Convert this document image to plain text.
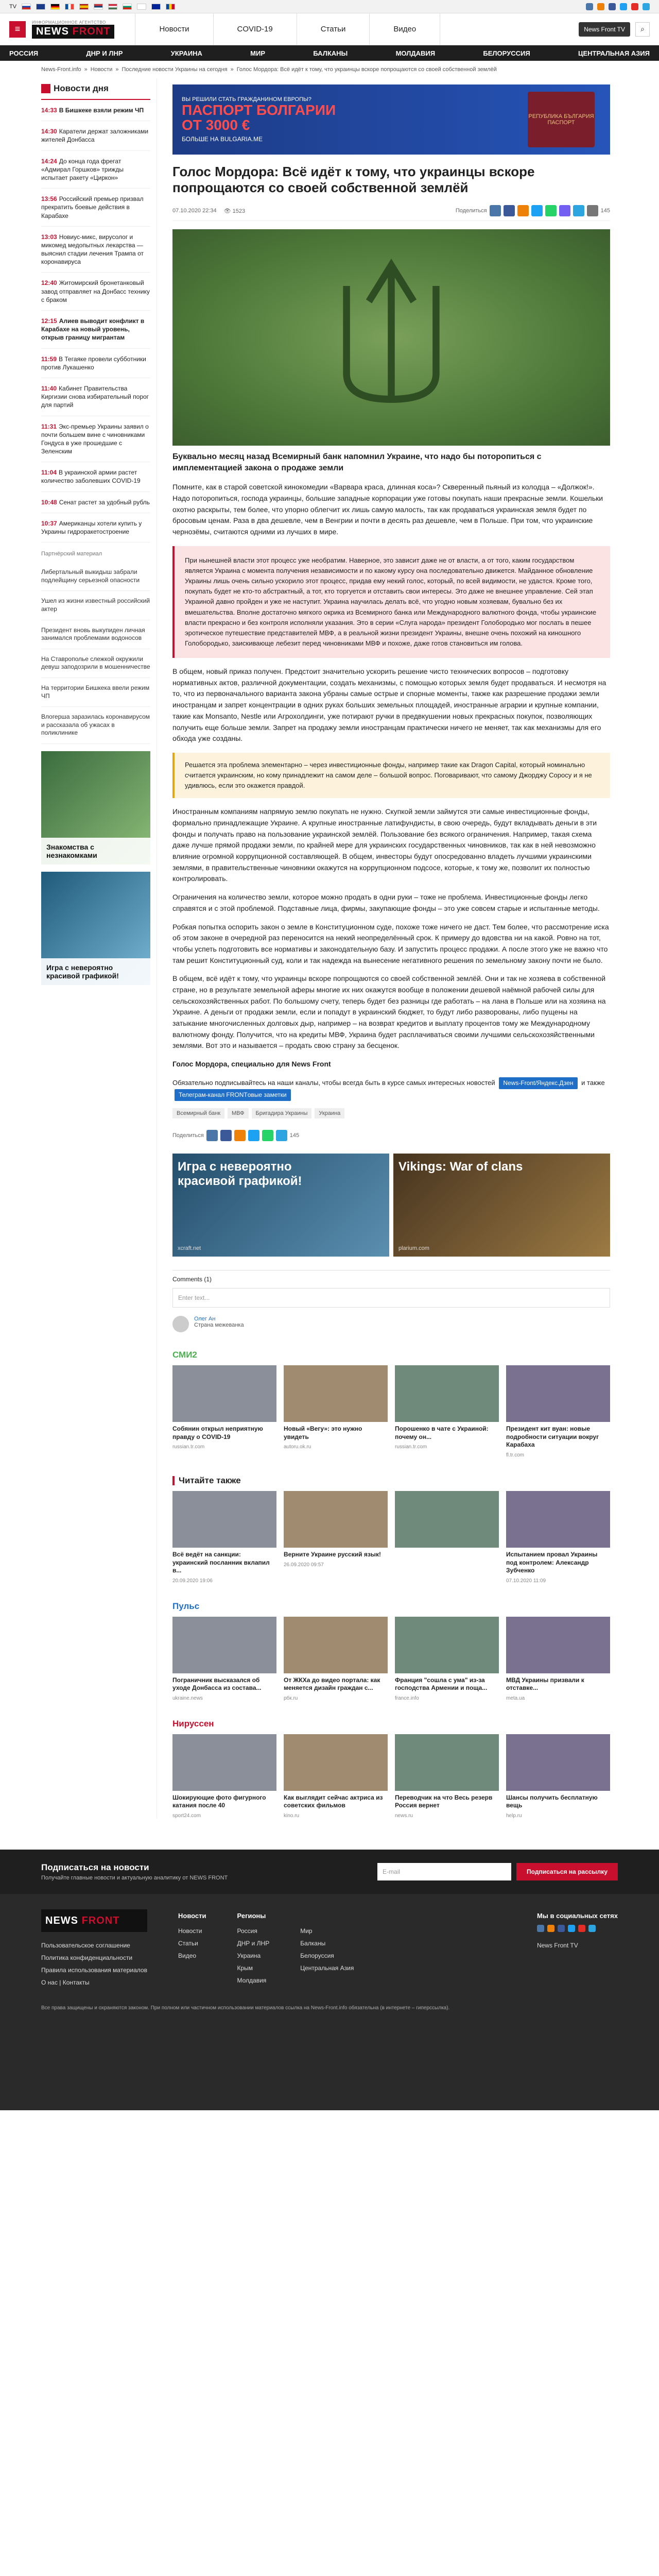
TV
≡
ИНФОРМАЦИОННОЕ АГЕНТСТВО
NEWS FRONT	Новости	COVID-19	Статьи	Видео	News Front TV	⌕
РОССИЯ	ДНР И ЛНР	УКРАИНА	МИР	БАЛКАНЫ	МОЛДАВИЯ	БЕЛОРУССИЯ	ЦЕНТРАЛЬНАЯ АЗИЯ
News-Front.info » Новости » Последние новости Украины на сегодня » Голос Мордора: Всё идёт к тому, что украинцы вскоре попрощаются со своей собственной землёй
Новости дня
14:33 В Бишкеке взяли режим ЧП
14:30 Каратели держат заложниками жителей Донбасса
14:24 До конца года фрегат «Адмирал Горшков» трижды испытает ракету «Циркон»
13:56 Российский премьер призвал прекратить боевые действия в Карабахе
13:03 Новиус-микс, вирусолог и микомед медопытных лекарства — выяснил стадии лечения Трампа от коронавируса
12:40 Житомирский бронетанковый завод отправляет на Донбасс технику с браком
12:15 Алиев выводит конфликт в Карабахе на новый уровень, открыв границу мигрантам
11:59 В Тегаяке провели субботники против Лукашенко
11:40 Кабинет Правительства Киргизии снова избирательный порог для партий
11:31 Экс-премьер Украины заявил о почти большем вине с чиновниками Гондуса в уже прошедшие с Зеленским
11:04 В украинской армии растет количество заболевших COVID-19
10:48 Сенат растет за удобный рубль
10:37 Американцы хотели купить у Украины гидроракетостроение
Партнёрский материал
Либертальный выкидыш забрали подлейщину серьезной опасности
Ушел из жизни известный российский актер
Президент вновь выкупиден личная занимался проблемами водоносов
На Ставрополье слежкой окружили девуш заподозрили в мошенничестве
На территории Бишкека ввели режим ЧП
Влогерша заразилась коронавирусом и рассказала об ужасах в поликлинике
Знакомства с незнакомками
Игра с невероятно красивой графикой!
ВЫ РЕШИЛИ СТАТЬ ГРАЖДАНИНОМ ЕВРОПЫ?
ПАСПОРТ БОЛГАРИИ
ОТ 3000 €
БОЛЬШЕ НА BULGARIA.ME
РЕПУБЛИКА БЪЛГАРИЯ ПАСПОРТ
Голос Мордора: Всё идёт к тому, что украинцы вскоре попрощаются со своей собственной землёй
07.10.2020 22:34 👁 1523	Поделиться	145
Буквально месяц назад Всемирный банк напомнил Украине, что надо бы поторопиться с имплементацией закона о продаже земли

Помните, как в старой советской кинокомедии «Варвара краса, длинная коса»? Скверенный пьяный из колодца – «Должок!». Надо поторопиться, господа украинцы, большие западные корпорации уже готовы покупать наши прекрасные земли. Кошельки охотно раскрыты, тем более, что упорно облегчит их лишь самую малость, так как продаваться украинская земля будет по бросовым ценам. Раза в два дешевле, чем в Венгрии и почти в десять раз дешевле, чем в Польше. При том, что украинские чернозёмы, считаются одними из лучших в мире.

При нынешней власти этот процесс уже необратим. Наверное, это зависит даже не от власти, а от того, каким государством является Украина с момента получения независимости и по какому курсу она последовательно движется. Майданное обновление Украины лишь очень сильно ускорило этот процесс, придав ему некий голос, который, по всей видимости, не удастся. Кроме того, покупать будет не кто-то абстрактный, а тот, кто торгуется и отставить свои интересы. Это даже не внешнее управление. Сей этап Украиной давно пройден и уже не наступит. Украина научилась делать всё, что угодно новым хозяевам, бувально без их вмешательства. Вполне достаточно мягкого окрика из Всемирного банка или Международного валютного фонда, чтобы украинские власти прекрасно и без контроля исполняли указания. Это в серии «Слуга народа» президент Голобородько мог послать в пешее эротическое путешествие представителей МВФ, а в реальной жизни президент Украины, внешне очень похожий на киношного Голобородько, заискивающе лебезит перед чиновниками МВФ и похоже, даже готов становиться им голова.

В общем, новый приказ получен. Предстоит значительно ускорить решение чисто технических вопросов – подготовку нормативных актов, различной документации, создать механизмы, с помощью которых земля будет продаваться. И несмотря на то, что из первоначального варианта закона убраны самые острые и спорные моменты, также как разрешение продажи земли иностранцам и запрет концентрации в одних руках больших земельных площадей, иностранные аграрии и крупные компании, такие как Monsanto, Nestle или Агрохолдинги, уже потирают ручки в предвкушении новых прекрасных покупок, позволяющих получить еще больше земли. Запрет на продажу земли иностранцам практически ничего не меняет, так как механизмы для его обхода уже созданы.

Решается эта проблема элементарно – через инвестиционные фонды, например такие как Dragon Capital, который номинально считается украинским, но кому принадлежит на самом деле – большой вопрос. Поговаривают, что самому Джорджу Соросу и я не удивлюсь, если это окажется правдой.

Иностранным компаниям напрямую землю покупать не нужно. Скупкой земли займутся эти самые инвестиционные фонды, формально принадлежащие Украине. А крупные иностранные латифундисты, в свою очередь, будут вкладывать деньги в эти фонды и получать право на пользование украинской землёй. Пользование без всякого ограничения. Например, такая схема даже лучше прямой продажи земли, по крайней мере для украинских государственных чиновников, так как в ней невозможно влияние огромной коррупционной составляющей. В общем, инвесторы будут опосредованно владеть лучшими украинскими землями, в правительственные чиновники окажутся на коррупционном подсосе, которые, к тому же, позволит их полностью контролировать.

Ограничения на количество земли, которое можно продать в одни руки – тоже не проблема. Инвестиционные фонды легко справятся и с этой проблемой. Подставные лица, фирмы, закупающие фонды – это уже совсем старые и испытанные методы.

Робкая попытка оспорить закон о земле в Конституционном суде, похоже тоже ничего не даст. Тем более, что рассмотрение иска об этом законе в очередной раз переносится на некий неопределённый срок. К примеру до вдовства ни на какой. Ровно на тот, чтобы успеть подготовить все нормативы и законодательную базу. И запустить процесс продажи. А после этого уже не важно что там решит Конституционный суд, коли и так надежда на вынесение негативного решения по земельному закону почти не было.

В общем, всё идёт к тому, что украинцы вскоре попрощаются со своей собственной землёй. Они и так не хозяева в собственной стране, но в результате земельной аферы многие их них окажутся вообще в положении дешевой наёмной рабочей силы для сельскохозяйственных работ. По большому счету, теперь будет без разницы где работать – на лана в Польше или на хозяина на Украине. А деньги от продажи земли, если и попадут в украинский бюджет, то будут либо разворованы, либо пущены на затыкание многочисленных долговых дыр, например – на возврат кредитов и выплату процентов тому же Международному валютному фонду. Получится, что на кредиты МВФ, Украина будет расплачиваться своими лучшими сельскохозяйственными землями. Вот это и называется – продать свою страну за бесценок.

Голос Мордора, специально для News Front

Обязательно подписывайтесь на наши каналы, чтобы всегда быть в курсе самых интересных новостей News-Front/Яндекс.Дзен и также Телеграм-канал FRONTовые заметки
Всемирный банк	МВФ	Бригадира Украины	Украина
Поделиться	145
Игра с невероятно красивой графикой!
xcraft.net
Vikings: War of clans
plarium.com
Comments (1)
Enter text...
Олег Ан
Страна межеванка
СМИ2
Собянин открыл неприятную правду о COVID-19
russian.tr.com
Новый «Вегу»: это нужно увидеть
autoru.ok.ru
Порошенко в чате с Украиной: почему он...
russian.tr.com
Президент кит вуан: новые подробности ситуации вокруг Карабаха
fl.tr.com
Читайте также
Всё ведёт на санкции: украинский посланник вклапил в...
20.09.2020 19:06
Верните Украине русский язык!
26.09.2020 09:57
Испытанием провал Украины под контролем: Александр Зубченко
07.10.2020 11:09
Пульс
Пограничник высказался об уходе Донбасса из состава...
ukraine.news
От ЖКХа до видео портала: как меняется дизайн граждан с...
рбк.ru
Франция "сошла с ума" из-за господства Армении и поща...
france.info
МВД Украины призвали к отставке...
meta.ua
Нирусcен
Шокирующие фото фигурного катания после 40
sport24.com
Как выглядит сейчас актриса из советских фильмов
kino.ru
Переводчик на что Весь резерв Россия вернет
news.ru
Шансы получить бесплатную вещь
help.ru
Подписаться на новости
Получайте главные новости и актуальную аналитику от NEWS FRONT
E-mail	Подписаться на рассылку
NEWS FRONT
Пользовательское соглашение
Политика конфиденциальности
Правила использования материалов
О нас | Контакты
Новости
Новости
Статьи
Видео
Регионы
Россия
ДНР и ЛНР
Украина
Крым
Молдавия

Мир
Балканы
Белоруссия
Центральная Азия
Мы в социальных сетях
News Front TV
Все права защищены и охраняются законом. При полном или частичном использовании материалов ссылка на News-Front.info обязательна (в интернете – гиперссылка).
